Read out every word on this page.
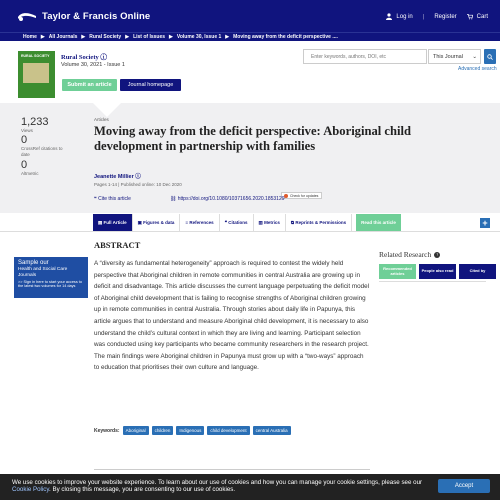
Taylor & Francis Online	Log in | Register	Cart
Home ▶ All Journals ▶ Rural Society ▶ List of Issues ▶ Volume 30, Issue 1 ▶ Moving away from the deficit perspective ....
RURAL SOCIETY Rural Society ⓘ
Volume 30, 2021 - Issue 1
Submit an article	Journal homepage
Enter keywords, authors, DOI, etc	This Journal ⌄
Advanced search
1,233
Views
0
CrossRef citations to date
0
Altmetric
Articles
Moving away from the deficit perspective: Aboriginal child development in partnership with families
Jeanette Millier ⓘ
Pages 1-14 | Published online: 10 Dec 2020
Check for updates
❝ Cite this article	⛓ https://doi.org/10.1080/10371656.2020.1853129
▤
Full Article ▣
Figures & data ≡
References ❝
Citations ▥
Metrics ⧉
Reprints & Permissions	Read this article	+
ABSTRACT

A “diversity as fundamental heterogeneity” approach is required to contest the widely held perspective that Aboriginal children in remote communities in central Australia are growing up in deficit and disadvantage. This article discusses the current language perpetuating the deficit model of Aboriginal child development that is failing to recognise strengths of Aboriginal children growing up in remote communities in central Australia. Through stories about daily life in Papunya, this article argues that to understand and measure Aboriginal child development, it is necessary to also understand the child’s cultural context in which they are living and learning. Participant selection was conducted using key participants who became community researchers in the research project. The main findings were Aboriginal children in Papunya must grow up with a “two-ways” approach to education that prioritises their own culture and language.

Keywords:	Aboriginal	children	Indigenous	child development	central Australia
Sample our
Health and Social Care Journals
>> Sign in here to start your access to the latest two volumes for 14 days
Related Research	?
Recommended articles	People also read	Cited by
We use cookies to improve your website experience. To learn about our use of cookies and how you can manage your cookie settings, please see our Cookie Policy. By closing this message, you are consenting to our use of cookies.	Accept
